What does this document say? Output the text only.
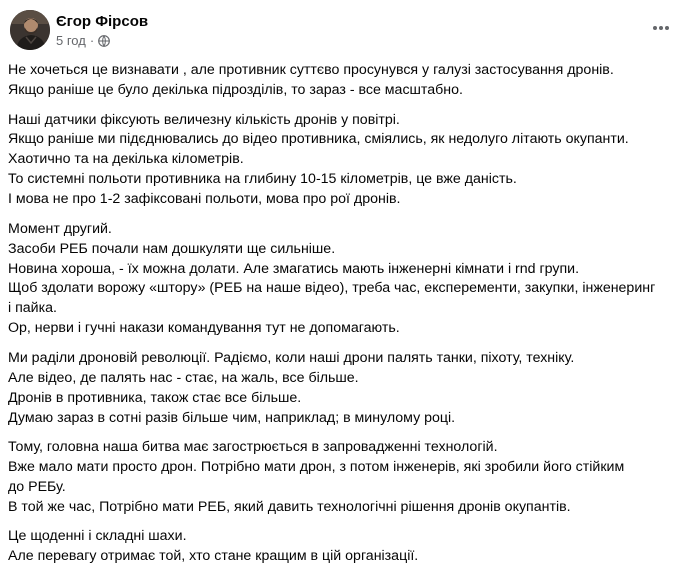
Єгор Фірсов
5 год ·
Не хочеться це визнавати , але противник суттєво просунувся у галузі застосування дронів.
Якщо раніше це було декілька підрозділів, то зараз - все масштабно.
Наші датчики фіксують величезну кількість дронів у повітрі.
Якщо раніше ми підєднювались до відео противника, сміялись, як недолуго літають окупанти.
Хаотично та на декілька кілометрів.
То системні польоти противника на глибину 10-15 кілометрів, це вже даність.
І мова не про 1-2 зафіксовані польоти, мова про рої дронів.
Момент другий.
Засоби РЕБ почали нам дошкуляти ще сильніше.
Новина хороша, - їх можна долати. Але змагатись мають інженерні кімнати і rnd групи.
Щоб здолати ворожу «штору» (РЕБ на наше відео), треба час, експеременти, закупки, інженеринг
і пайка.
Ор, нерви і гучні накази командування тут не допомагають.
Ми раділи дроновій революції. Радіємо, коли наші дрони палять танки, піхоту, техніку.
Але відео, де палять нас - стає, на жаль, все більше.
Дронів в противника, також стає все більше.
Думаю зараз в сотні разів більше чим, наприклад; в минулому році.
Тому, головна наша битва має загострюється в запровадженні технологій.
Вже мало мати просто дрон. Потрібно мати дрон, з потом інженерів, які зробили його стійким
до РЕБу.
В той же час, Потрібно мати РЕБ, який давить технологічні рішення дронів окупантів.
Це щоденні і складні шахи.
Але перевагу отримає той, хто стане кращим в цій організації.
